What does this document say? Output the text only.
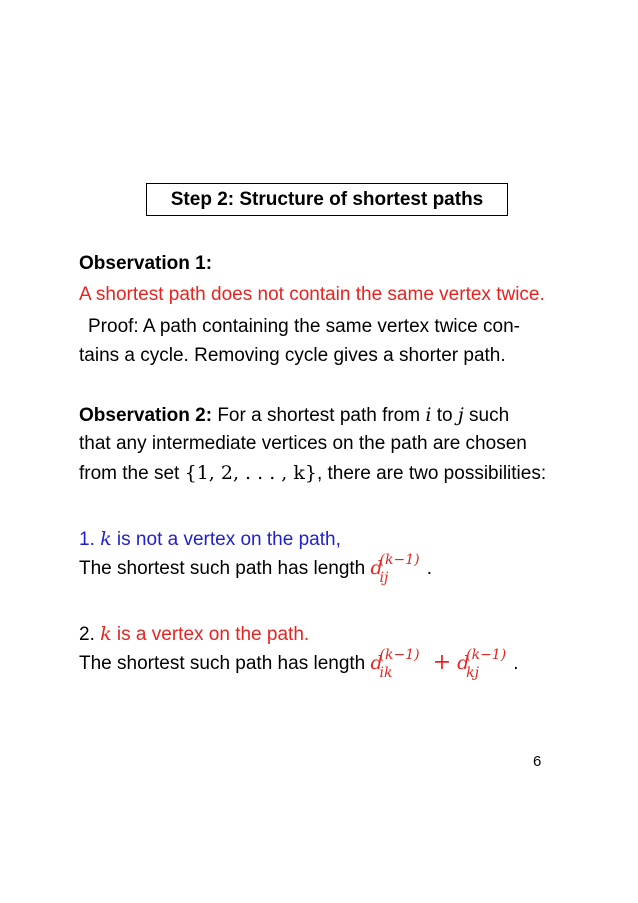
Step 2: Structure of shortest paths
Observation 1:
A shortest path does not contain the same vertex twice.
Proof: A path containing the same vertex twice con-
tains a cycle. Removing cycle gives a shorter path.
Observation 2: For a shortest path from i to j such
that any intermediate vertices on the path are chosen
from the set {1, 2, . . . , k}, there are two possibilities:
1. k is not a vertex on the path,
The shortest such path has length d
(k−1)
ij .
2. k is a vertex on the path.
The shortest such path has length d
(k−1)
ik + d
(k−1)
kj .
6
